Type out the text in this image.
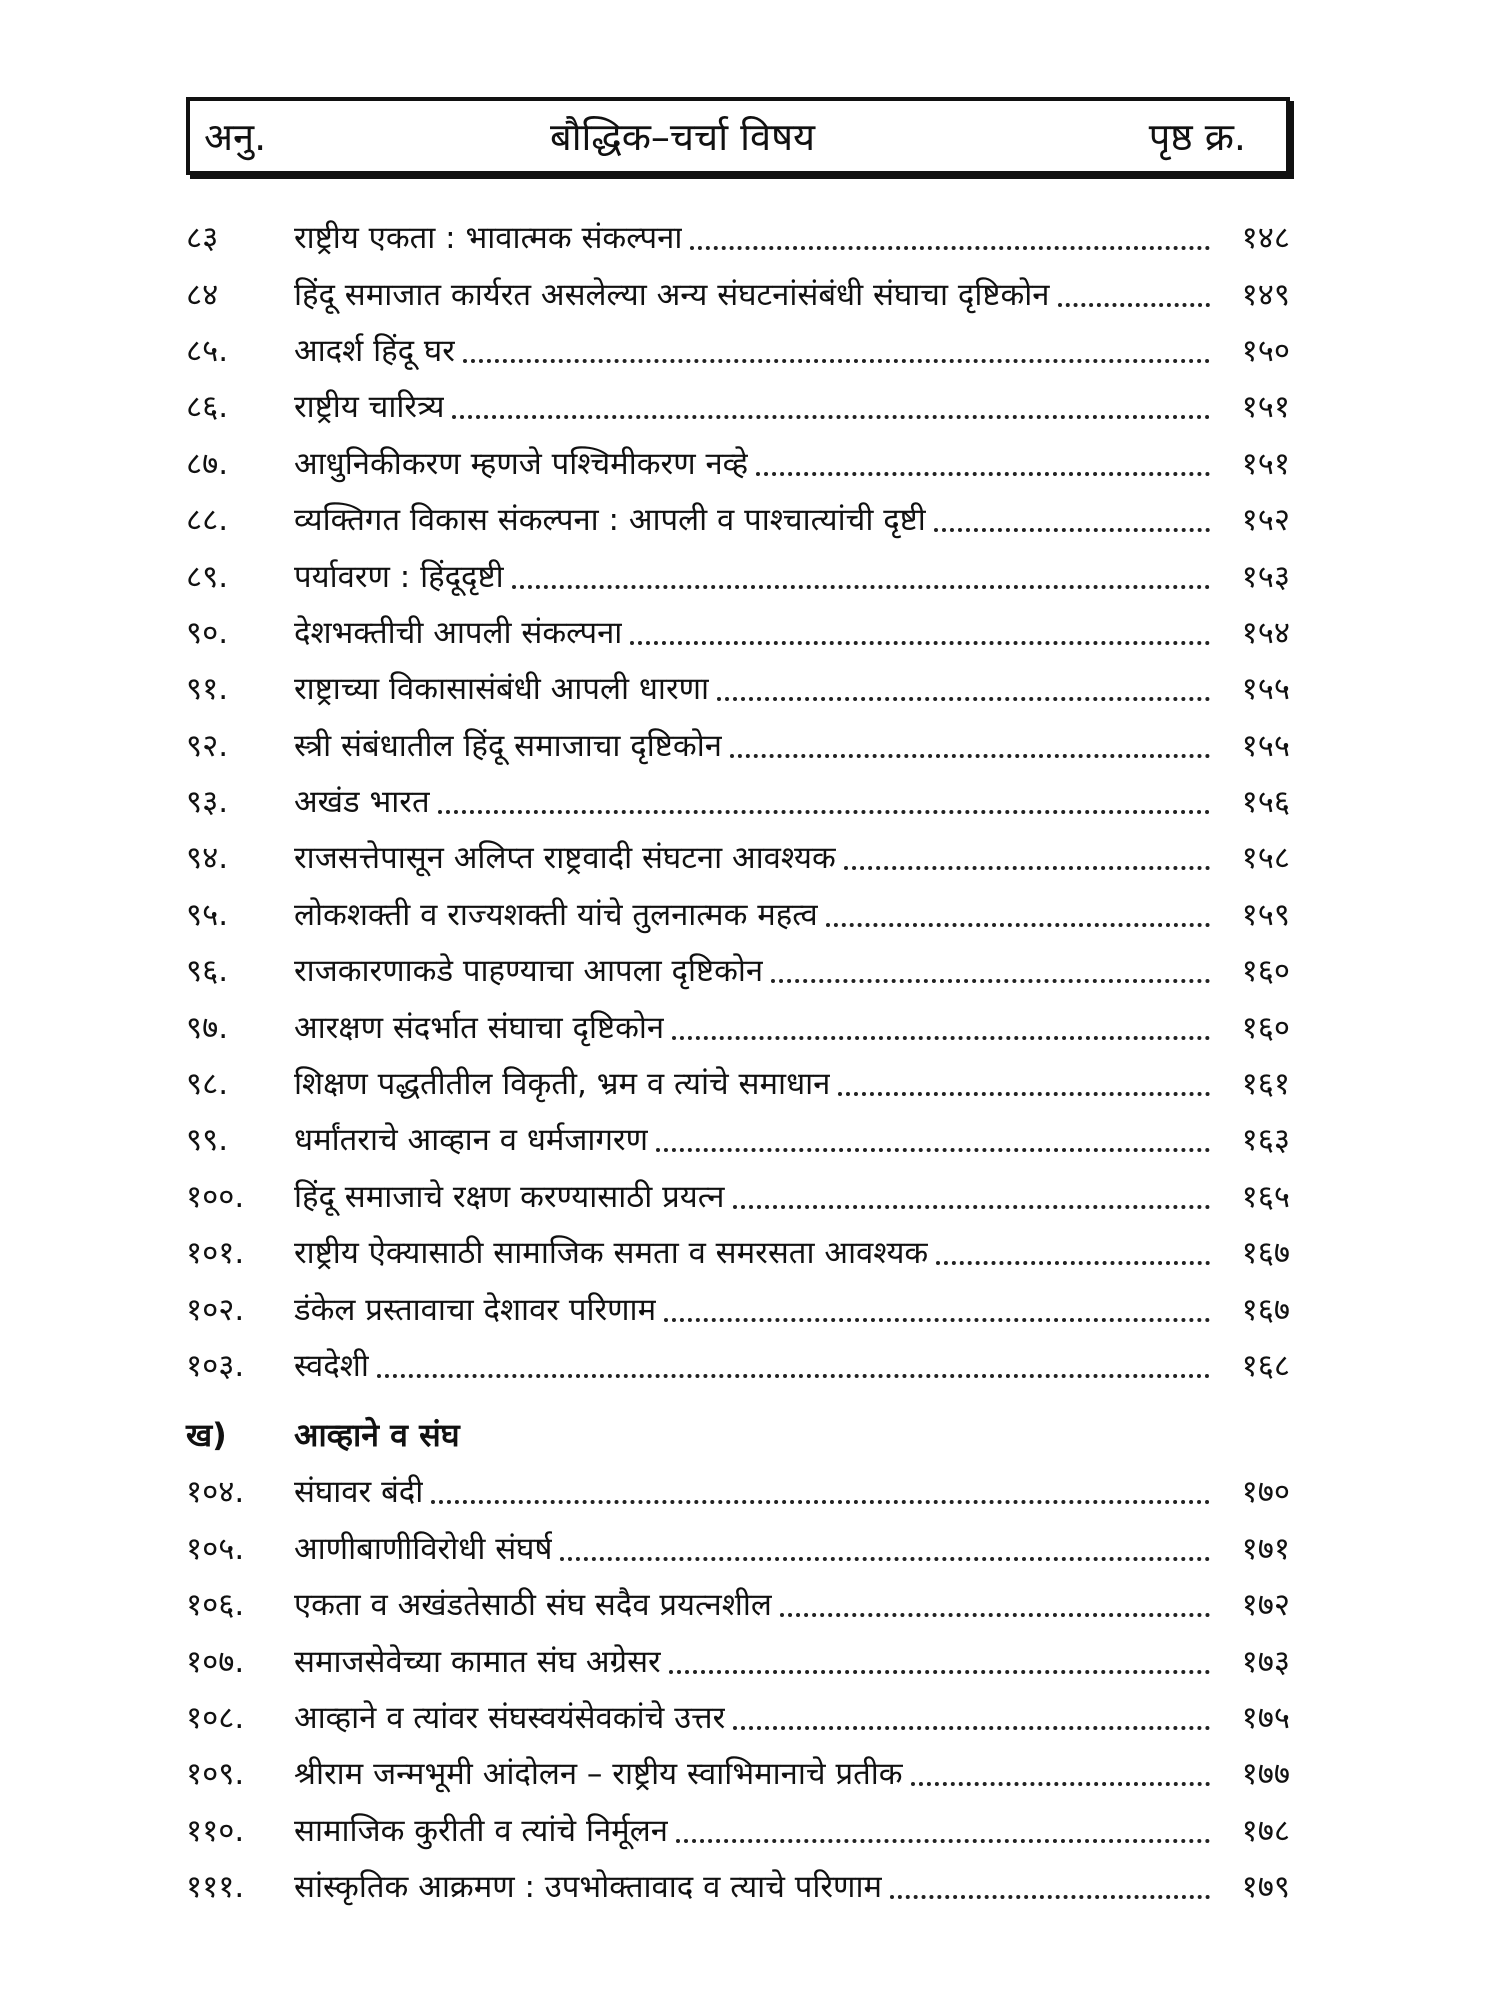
अनु.	बौद्धिक–चर्चा विषय	पृष्ठ क्र.
८३	राष्ट्रीय एकता : भावात्मक संकल्पना	१४८
८४	हिंदू समाजात कार्यरत असलेल्या अन्य संघटनांसंबंधी संघाचा दृष्टिकोन	१४९
८५.	आदर्श हिंदू घर	१५०
८६.	राष्ट्रीय चारित्र्य	१५१
८७.	आधुनिकीकरण म्हणजे पश्चिमीकरण नव्हे	१५१
८८.	व्यक्तिगत विकास संकल्पना : आपली व पाश्चात्यांची दृष्टी	१५२
८९.	पर्यावरण : हिंदूदृष्टी	१५३
९०.	देशभक्तीची आपली संकल्पना	१५४
९१.	राष्ट्राच्या विकासासंबंधी आपली धारणा	१५५
९२.	स्त्री संबंधातील हिंदू समाजाचा दृष्टिकोन	१५५
९३.	अखंड भारत	१५६
९४.	राजसत्तेपासून अलिप्त राष्ट्रवादी संघटना आवश्यक	१५८
९५.	लोकशक्ती व राज्यशक्ती यांचे तुलनात्मक महत्व	१५९
९६.	राजकारणाकडे पाहण्याचा आपला दृष्टिकोन	१६०
९७.	आरक्षण संदर्भात संघाचा दृष्टिकोन	१६०
९८.	शिक्षण पद्धतीतील विकृती, भ्रम व त्यांचे समाधान	१६१
९९.	धर्मांतराचे आव्हान व धर्मजागरण	१६३
१००.	हिंदू समाजाचे रक्षण करण्यासाठी प्रयत्न	१६५
१०१.	राष्ट्रीय ऐक्यासाठी सामाजिक समता व समरसता आवश्यक	१६७
१०२.	डंकेल प्रस्तावाचा देशावर परिणाम	१६७
१०३.	स्वदेशी	१६८
ख)	आव्हाने व संघ
१०४.	संघावर बंदी	१७०
१०५.	आणीबाणीविरोधी संघर्ष	१७१
१०६.	एकता व अखंडतेसाठी संघ सदैव प्रयत्नशील	१७२
१०७.	समाजसेवेच्या कामात संघ अग्रेसर	१७३
१०८.	आव्हाने व त्यांवर संघस्वयंसेवकांचे उत्तर	१७५
१०९.	श्रीराम जन्मभूमी आंदोलन – राष्ट्रीय स्वाभिमानाचे प्रतीक	१७७
११०.	सामाजिक कुरीती व त्यांचे निर्मूलन	१७८
१११.	सांस्कृतिक आक्रमण : उपभोक्तावाद व त्याचे परिणाम	१७९
